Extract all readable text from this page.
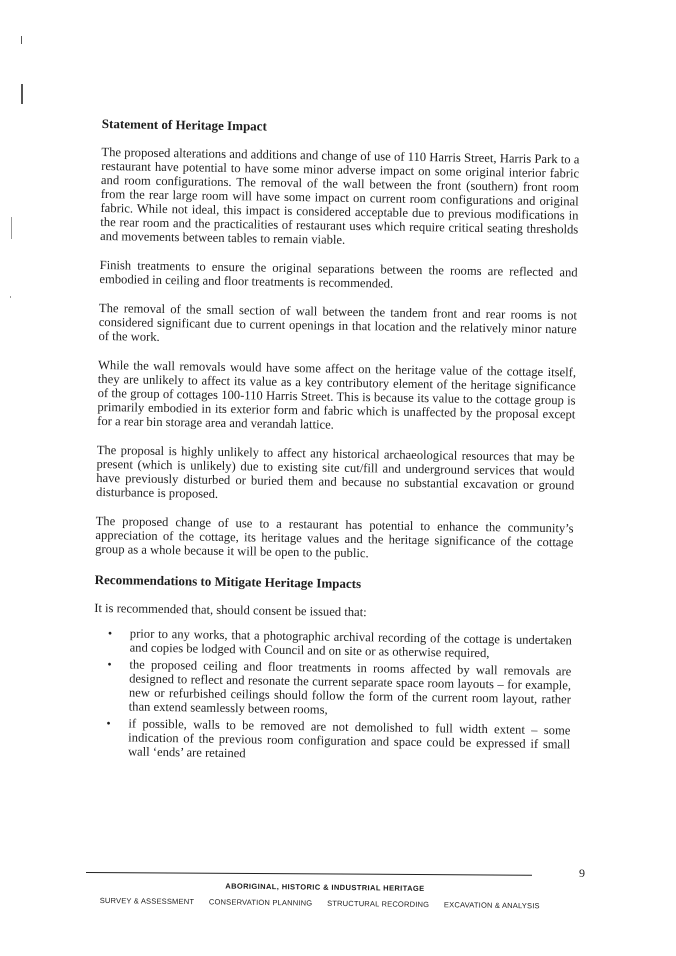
Statement of Heritage Impact

The proposed alterations and additions and change of use of 110 Harris Street, Harris Park to a restaurant have potential to have some minor adverse impact on some original interior fabric and room configurations. The removal of the wall between the front (southern) front room from the rear large room will have some impact on current room configurations and original fabric. While not ideal, this impact is considered acceptable due to previous modifications in the rear room and the practicalities of restaurant uses which require critical seating thresholds and movements between tables to remain viable.

Finish treatments to ensure the original separations between the rooms are reflected and embodied in ceiling and floor treatments is recommended.

The removal of the small section of wall between the tandem front and rear rooms is not considered significant due to current openings in that location and the relatively minor nature of the work.

While the wall removals would have some affect on the heritage value of the cottage itself, they are unlikely to affect its value as a key contributory element of the heritage significance of the group of cottages 100-110 Harris Street. This is because its value to the cottage group is primarily embodied in its exterior form and fabric which is unaffected by the proposal except for a rear bin storage area and verandah lattice.

The proposal is highly unlikely to affect any historical archaeological resources that may be present (which is unlikely) due to existing site cut/fill and underground services that would have previously disturbed or buried them and because no substantial excavation or ground disturbance is proposed.

The proposed change of use to a restaurant has potential to enhance the community’s appreciation of the cottage, its heritage values and the heritage significance of the cottage group as a whole because it will be open to the public.

Recommendations to Mitigate Heritage Impacts

It is recommended that, should consent be issued that:

• prior to any works, that a photographic archival recording of the cottage is undertaken and copies be lodged with Council and on site or as otherwise required,
• the proposed ceiling and floor treatments in rooms affected by wall removals are designed to reflect and resonate the current separate space room layouts – for example, new or refurbished ceilings should follow the form of the current room layout, rather than extend seamlessly between rooms,
• if possible, walls to be removed are not demolished to full width extent – some indication of the previous room configuration and space could be expressed if small wall ‘ends’ are retained
9
ABORIGINAL, HISTORIC & INDUSTRIAL HERITAGE
SURVEY & ASSESSMENT CONSERVATION PLANNING STRUCTURAL RECORDING EXCAVATION & ANALYSIS
